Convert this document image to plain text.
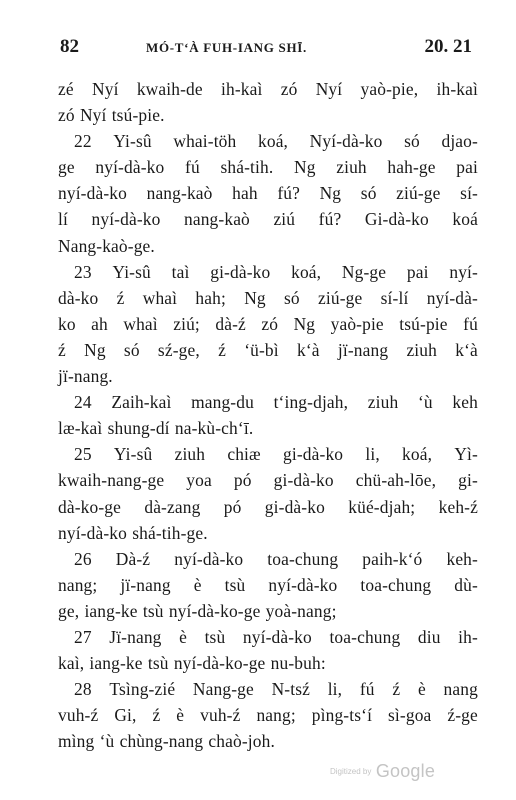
82	MÓ-T‘À FUH-IANG SHĪ.	20. 21
zé Nyí kwaih-de ih-kaì zó Nyí yaò-pie, ih-kaì
zó Nyí tsú-pie.
22 Yi-sû whai-töh koá, Nyí-dà-ko só djao-
ge nyí-dà-ko fú shá-tih. Ng ziuh hah-ge pai
nyí-dà-ko nang-kaò hah fú? Ng só ziú-ge sí-
lí nyí-dà-ko nang-kaò ziú fú? Gi-dà-ko koá
Nang-kaò-ge.
23 Yi-sû taì gi-dà-ko koá, Ng-ge pai nyí-
dà-ko ź whaì hah; Ng só ziú-ge sí-lí nyí-dà-
ko ah whaì ziú; dà-ź zó Ng yaò-pie tsú-pie fú
ź Ng só sź-ge, ź ‘ü-bì k‘à jï-nang ziuh k‘à
jï-nang.
24 Zaih-kaì mang-du t‘ing-djah, ziuh ‘ù keh
læ-kaì shung-dí na-kù-ch‘ī.
25 Yi-sû ziuh chiæ gi-dà-ko li, koá, Yì-
kwaih-nang-ge yoa pó gi-dà-ko chü-ah-lōe, gi-
dà-ko-ge dà-zang pó gi-dà-ko küé-djah; keh-ź
nyí-dà-ko shá-tih-ge.
26 Dà-ź nyí-dà-ko toa-chung paih-k‘ó keh-
nang; jï-nang è tsù nyí-dà-ko toa-chung dù-
ge, iang-ke tsù nyí-dà-ko-ge yoà-nang;
27 Jï-nang è tsù nyí-dà-ko toa-chung diu ih-
kaì, iang-ke tsù nyí-dà-ko-ge nu-buh:
28 Tsìng-zié Nang-ge N-tsź li, fú ź è nang
vuh-ź Gi, ź è vuh-ź nang; pìng-ts‘í sì-goa ź-ge
mìng ‘ù chùng-nang chaò-joh.
Digitized by Google
